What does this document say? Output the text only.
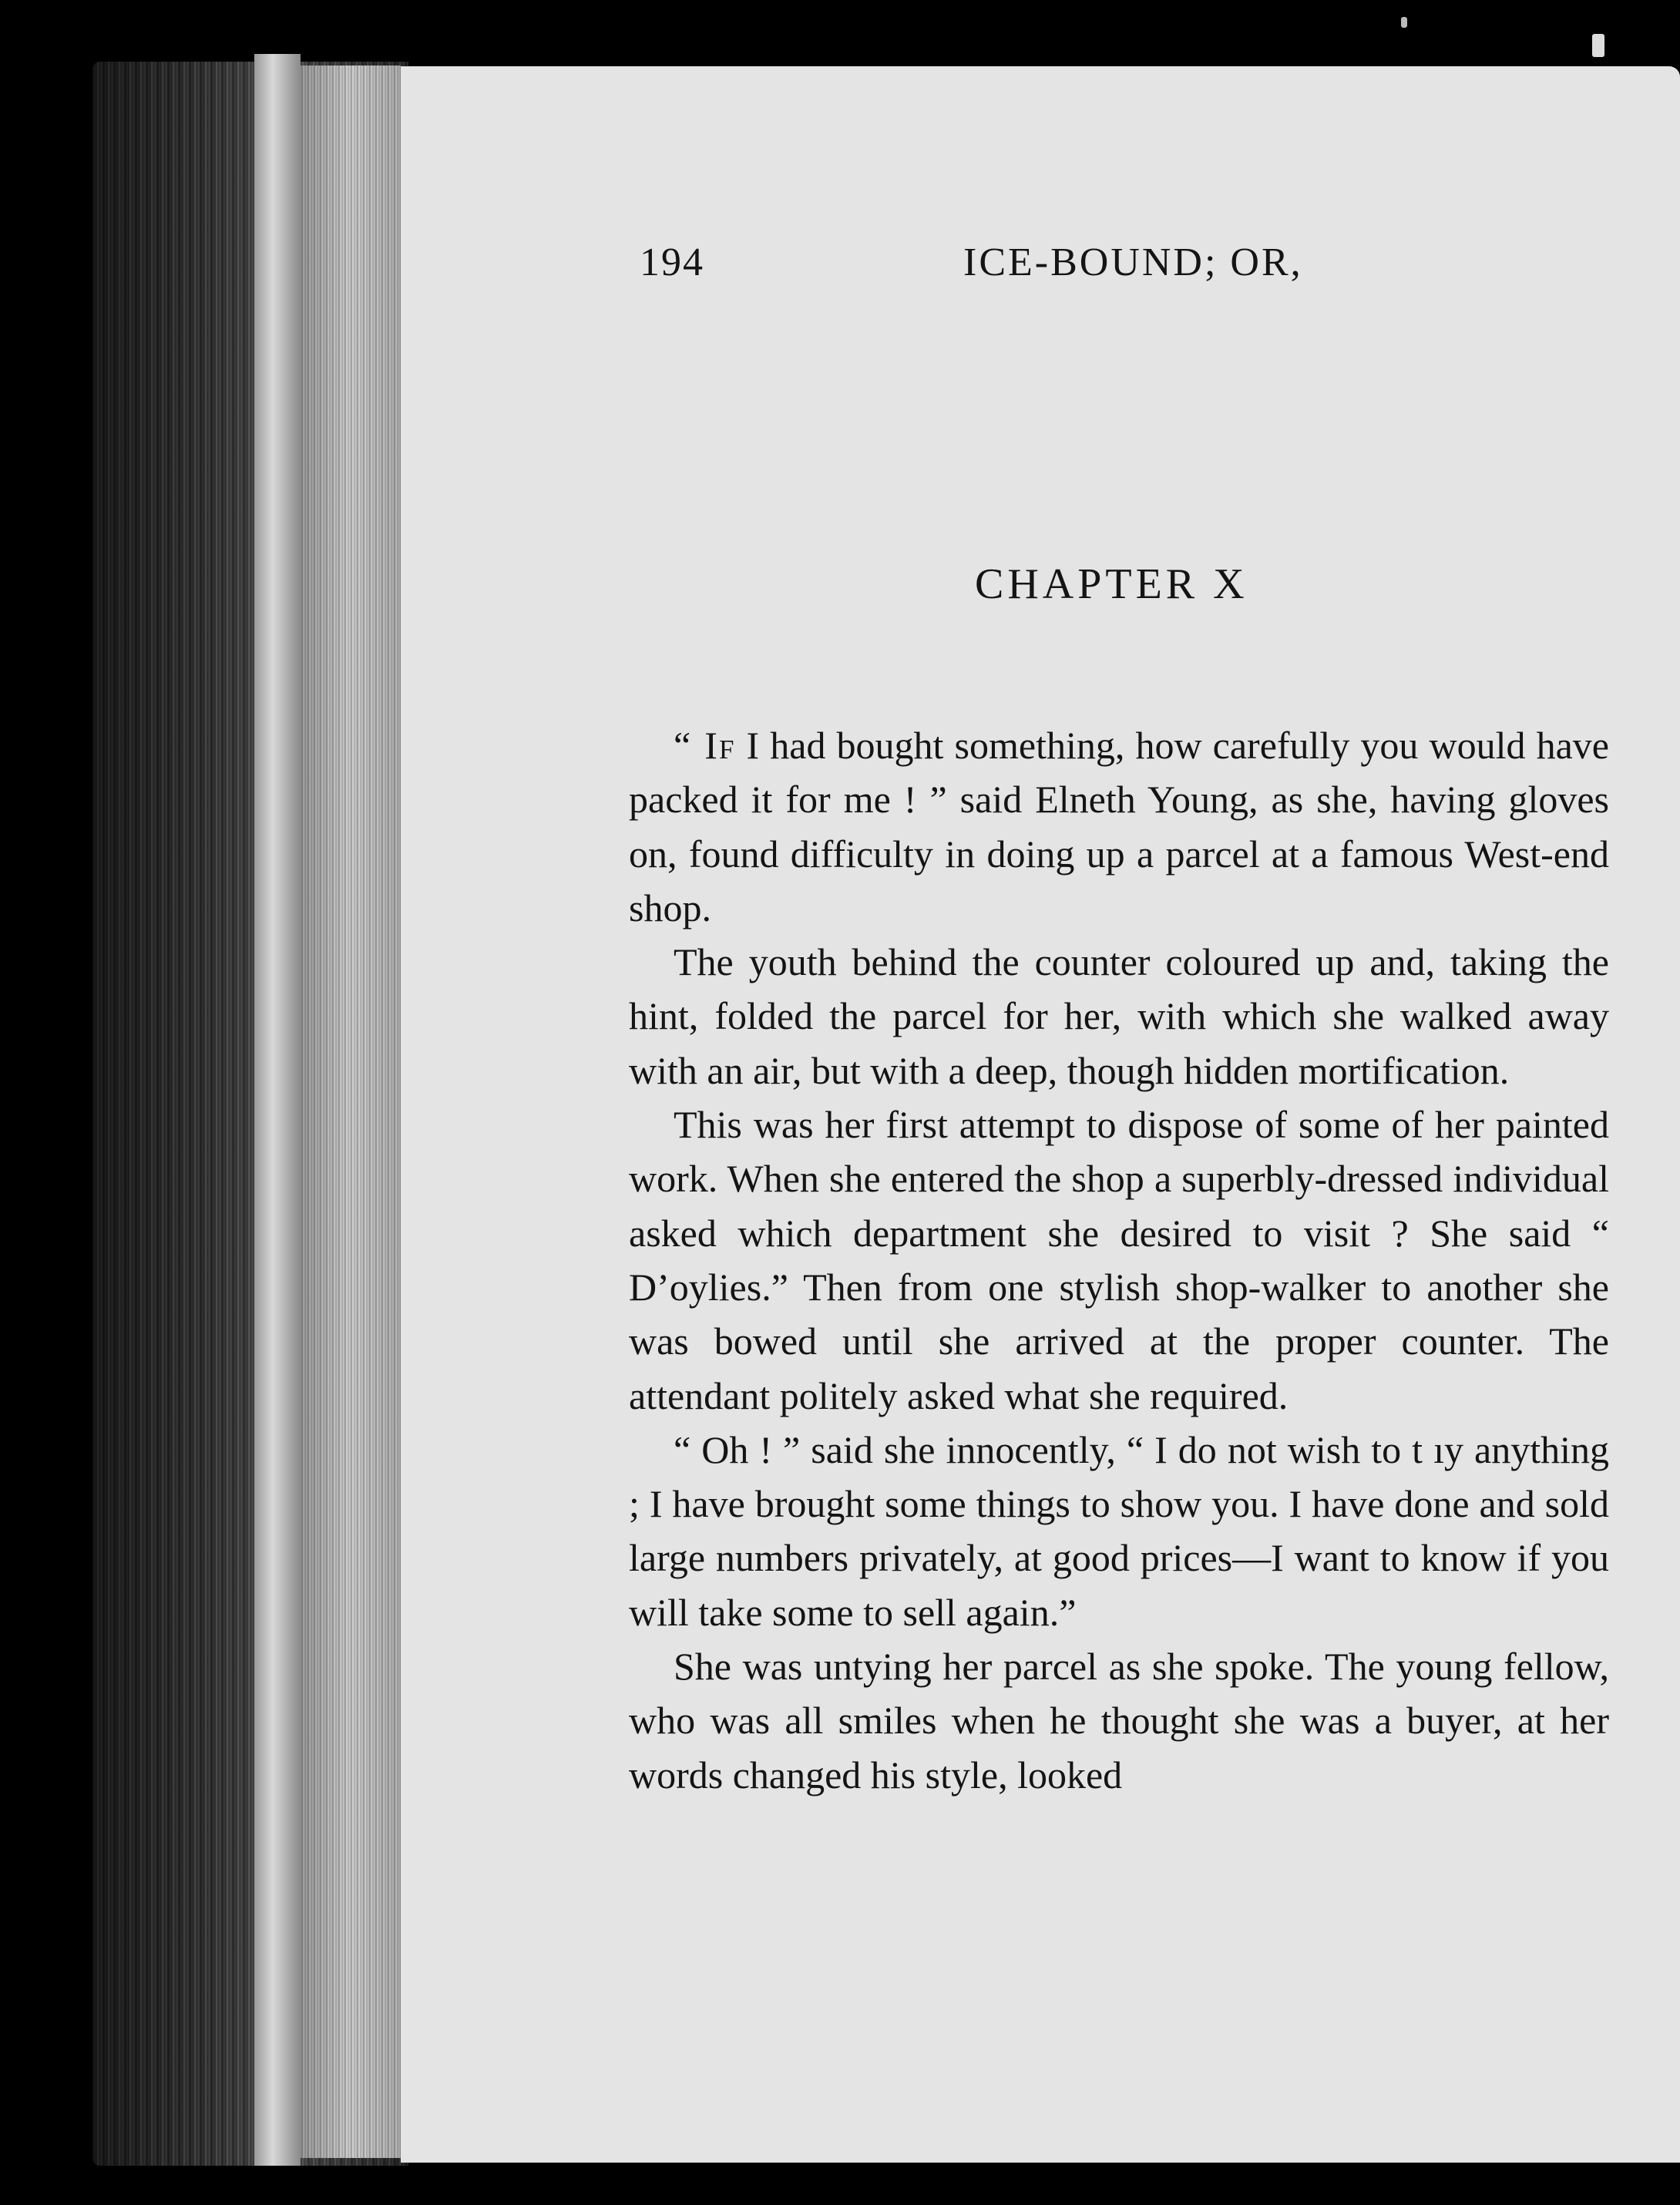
194	ICE-BOUND; OR,
CHAPTER X

“ If I had bought something, how carefully you would have packed it for me ! ” said Elneth Young, as she, having gloves on, found difficulty in doing up a parcel at a famous West-end shop.

The youth behind the counter coloured up and, taking the hint, folded the parcel for her, with which she walked away with an air, but with a deep, though hidden mortification.

This was her first attempt to dispose of some of her painted work. When she entered the shop a superbly-dressed individual asked which department she desired to visit ? She said “ D’oylies.” Then from one stylish shop-walker to another she was bowed until she arrived at the proper counter. The attendant politely asked what she required.

“ Oh ! ” said she innocently, “ I do not wish to t ıy anything ; I have brought some things to show you. I have done and sold large numbers privately, at good prices—I want to know if you will take some to sell again.”

She was untying her parcel as she spoke. The young fellow, who was all smiles when he thought she was a buyer, at her words changed his style, looked
